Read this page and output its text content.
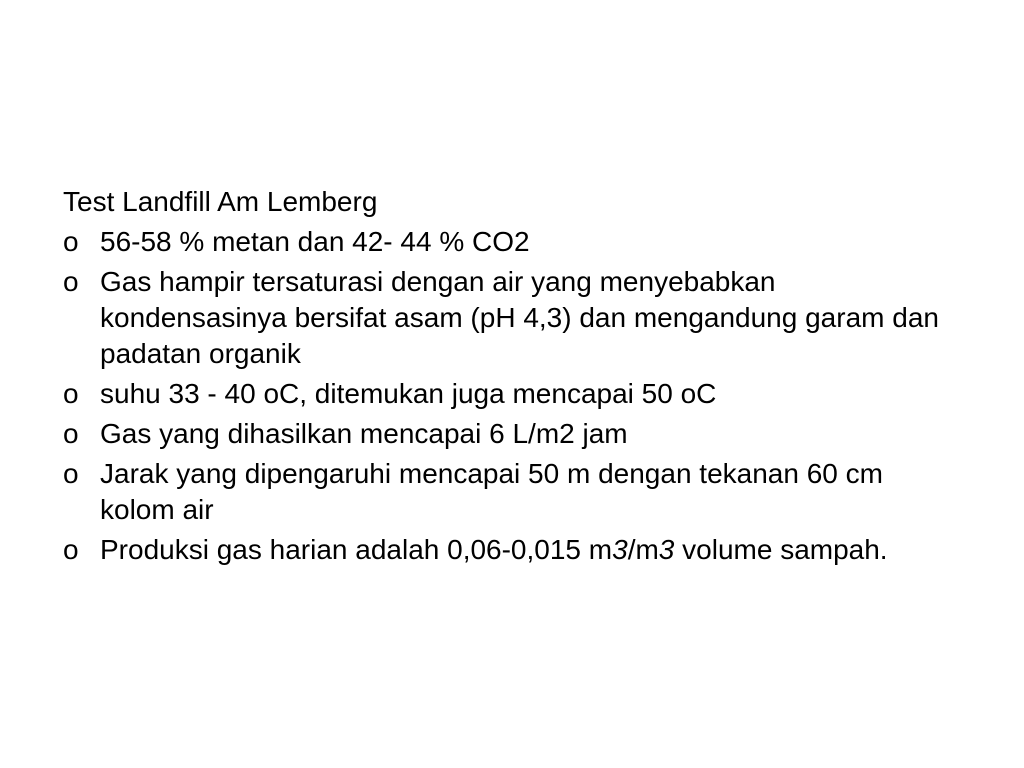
Test Landfill Am Lemberg
o 56-58 % metan dan 42- 44 % CO2
o Gas hampir tersaturasi dengan air yang menyebabkan kondensasinya bersifat asam (pH 4,3) dan mengandung garam dan padatan organik
o suhu 33 - 40 oC, ditemukan juga mencapai 50 oC
o Gas yang dihasilkan mencapai 6 L/m2 jam
o Jarak yang dipengaruhi mencapai 50 m dengan tekanan 60 cm kolom air
o Produksi gas harian adalah 0,06-0,015 m3/m3 volume sampah.
